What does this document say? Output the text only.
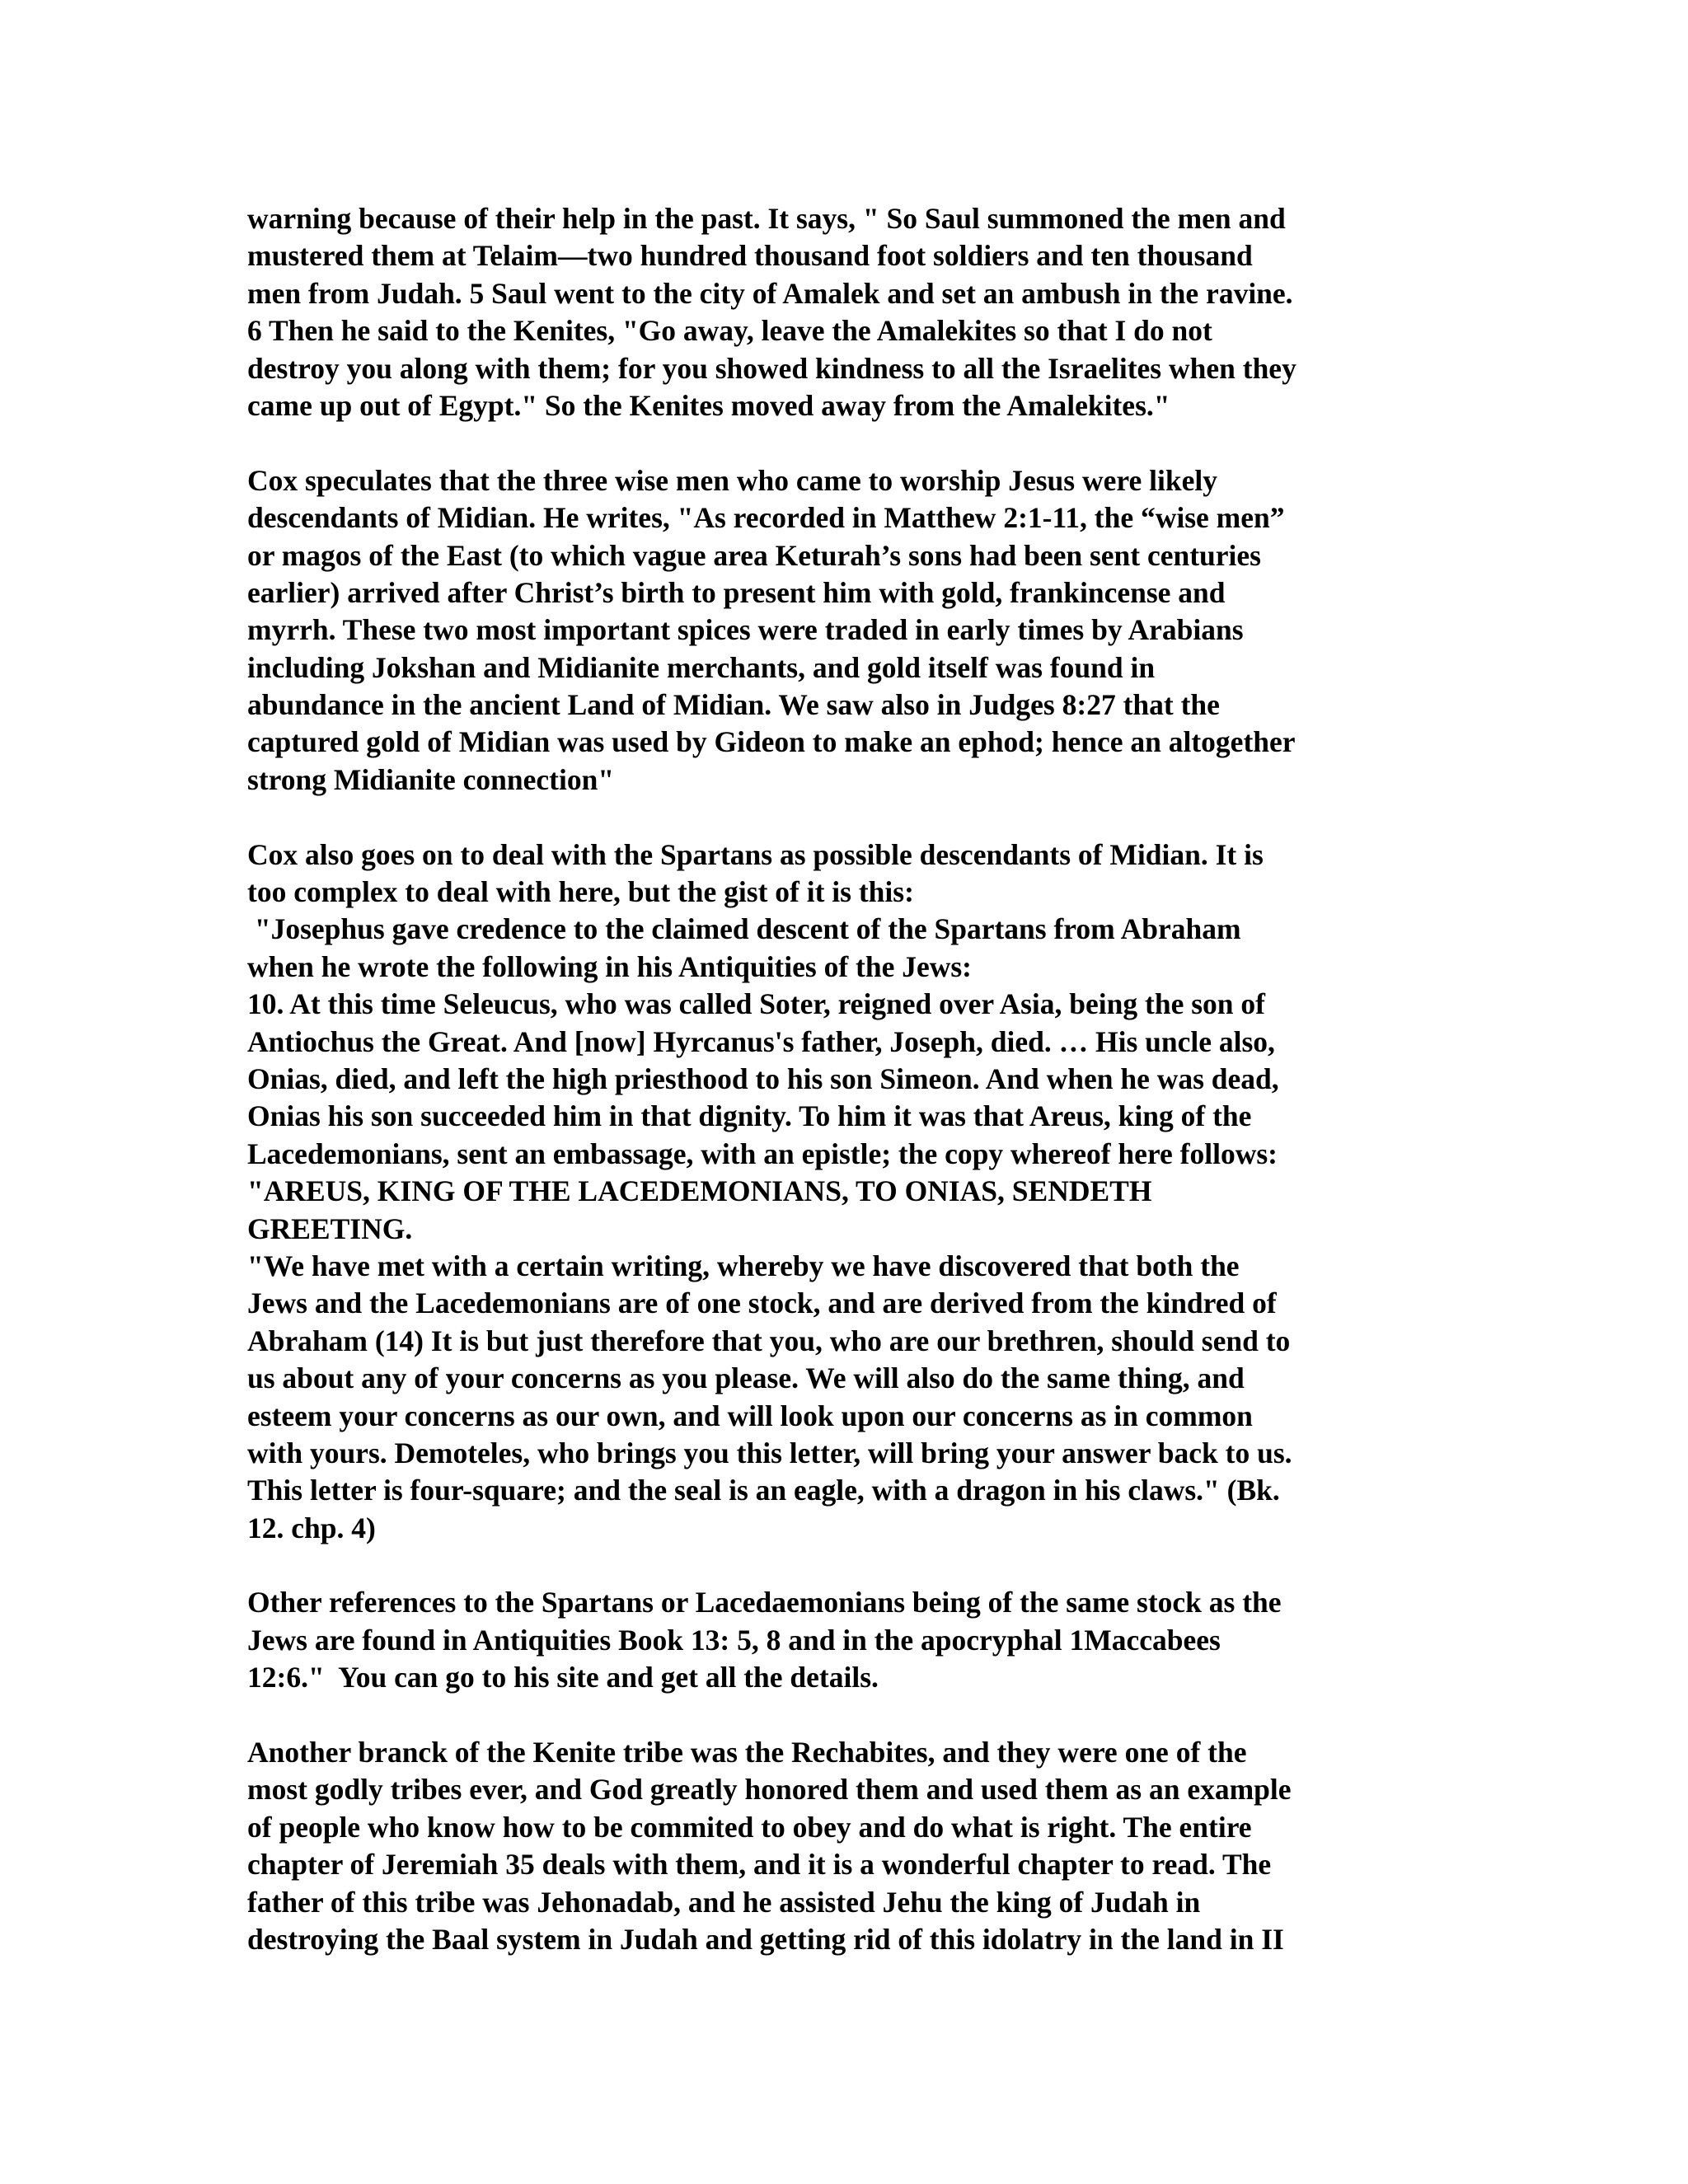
warning because of their help in the past. It says, " So Saul summoned the men and
mustered them at Telaim—two hundred thousand foot soldiers and ten thousand
men from Judah. 5 Saul went to the city of Amalek and set an ambush in the ravine.
6 Then he said to the Kenites, "Go away, leave the Amalekites so that I do not
destroy you along with them; for you showed kindness to all the Israelites when they
came up out of Egypt." So the Kenites moved away from the Amalekites."
Cox speculates that the three wise men who came to worship Jesus were likely
descendants of Midian. He writes, "As recorded in Matthew 2:1-11, the “wise men”
or magos of the East (to which vague area Keturah’s sons had been sent centuries
earlier) arrived after Christ’s birth to present him with gold, frankincense and
myrrh. These two most important spices were traded in early times by Arabians
including Jokshan and Midianite merchants, and gold itself was found in
abundance in the ancient Land of Midian. We saw also in Judges 8:27 that the
captured gold of Midian was used by Gideon to make an ephod; hence an altogether
strong Midianite connection"
Cox also goes on to deal with the Spartans as possible descendants of Midian. It is
too complex to deal with here, but the gist of it is this:
"Josephus gave credence to the claimed descent of the Spartans from Abraham
when he wrote the following in his Antiquities of the Jews:
10. At this time Seleucus, who was called Soter, reigned over Asia, being the son of
Antiochus the Great. And [now] Hyrcanus's father, Joseph, died. … His uncle also,
Onias, died, and left the high priesthood to his son Simeon. And when he was dead,
Onias his son succeeded him in that dignity. To him it was that Areus, king of the
Lacedemonians, sent an embassage, with an epistle; the copy whereof here follows:
"AREUS, KING OF THE LACEDEMONIANS, TO ONIAS, SENDETH
GREETING.
"We have met with a certain writing, whereby we have discovered that both the
Jews and the Lacedemonians are of one stock, and are derived from the kindred of
Abraham (14) It is but just therefore that you, who are our brethren, should send to
us about any of your concerns as you please. We will also do the same thing, and
esteem your concerns as our own, and will look upon our concerns as in common
with yours. Demoteles, who brings you this letter, will bring your answer back to us.
This letter is four-square; and the seal is an eagle, with a dragon in his claws." (Bk.
12. chp. 4)
Other references to the Spartans or Lacedaemonians being of the same stock as the
Jews are found in Antiquities Book 13: 5, 8 and in the apocryphal 1Maccabees
12:6."  You can go to his site and get all the details.
Another branck of the Kenite tribe was the Rechabites, and they were one of the
most godly tribes ever, and God greatly honored them and used them as an example
of people who know how to be commited to obey and do what is right. The entire
chapter of Jeremiah 35 deals with them, and it is a wonderful chapter to read. The
father of this tribe was Jehonadab, and he assisted Jehu the king of Judah in
destroying the Baal system in Judah and getting rid of this idolatry in the land in II
